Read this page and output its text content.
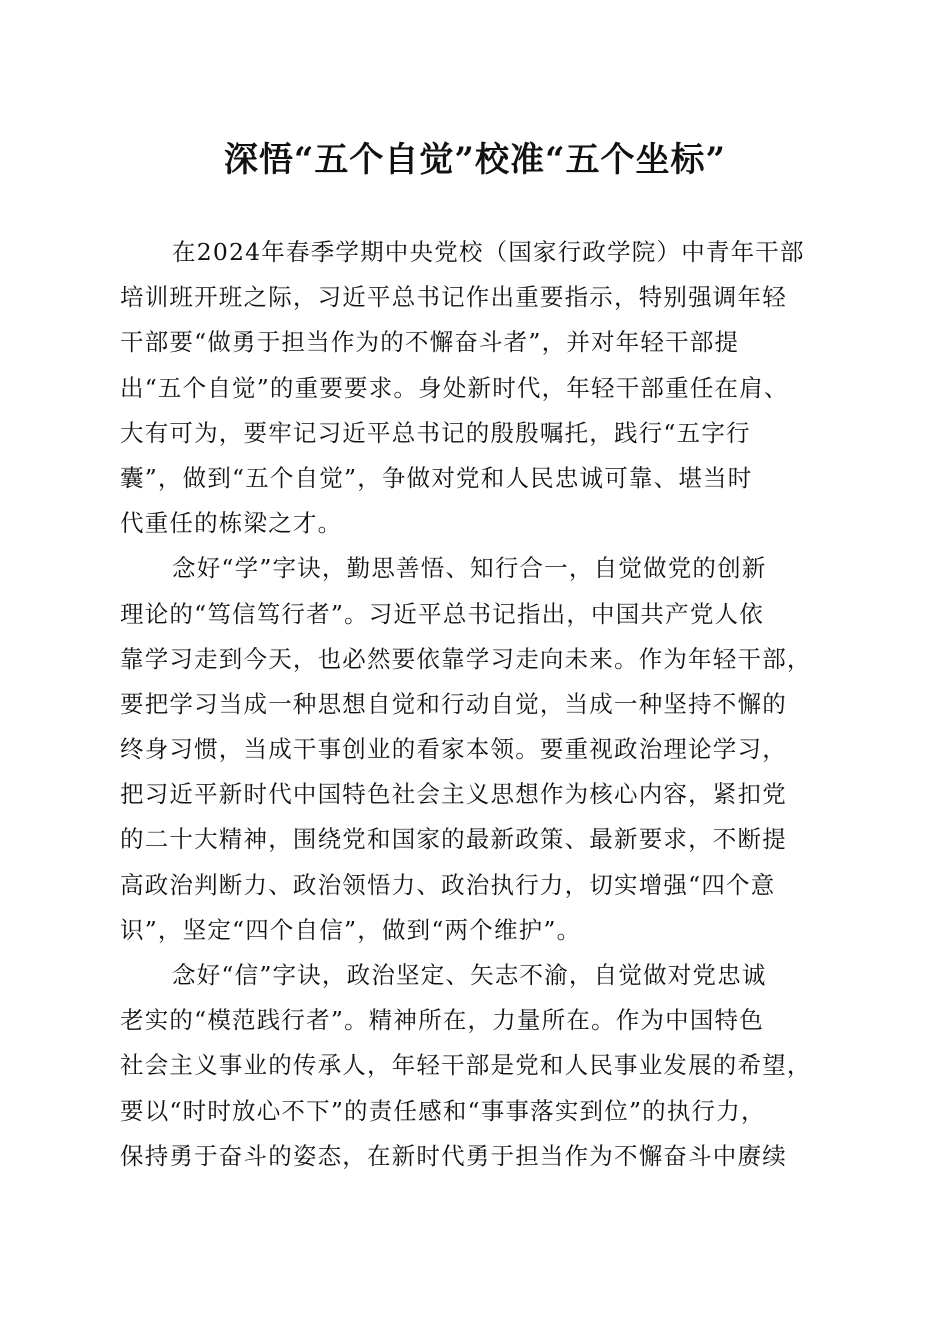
深悟“五个自觉”校准“五个坐标”
在2024年春季学期中央党校（国家行政学院）中青年干部
培训班开班之际，习近平总书记作出重要指示，特别强调年轻
干部要“做勇于担当作为的不懈奋斗者”，并对年轻干部提
出“五个自觉”的重要要求。身处新时代，年轻干部重任在肩、
大有可为，要牢记习近平总书记的殷殷嘱托，践行“五字行
囊”，做到“五个自觉”，争做对党和人民忠诚可靠、堪当时
代重任的栋梁之才。
念好“学”字诀，勤思善悟、知行合一，自觉做党的创新
理论的“笃信笃行者”。习近平总书记指出，中国共产党人依
靠学习走到今天，也必然要依靠学习走向未来。作为年轻干部，
要把学习当成一种思想自觉和行动自觉，当成一种坚持不懈的
终身习惯，当成干事创业的看家本领。要重视政治理论学习，
把习近平新时代中国特色社会主义思想作为核心内容，紧扣党
的二十大精神，围绕党和国家的最新政策、最新要求，不断提
高政治判断力、政治领悟力、政治执行力，切实增强“四个意
识”，坚定“四个自信”，做到“两个维护”。
念好“信”字诀，政治坚定、矢志不渝，自觉做对党忠诚
老实的“模范践行者”。精神所在，力量所在。作为中国特色
社会主义事业的传承人，年轻干部是党和人民事业发展的希望，
要以“时时放心不下”的责任感和“事事落实到位”的执行力，
保持勇于奋斗的姿态，在新时代勇于担当作为不懈奋斗中赓续
